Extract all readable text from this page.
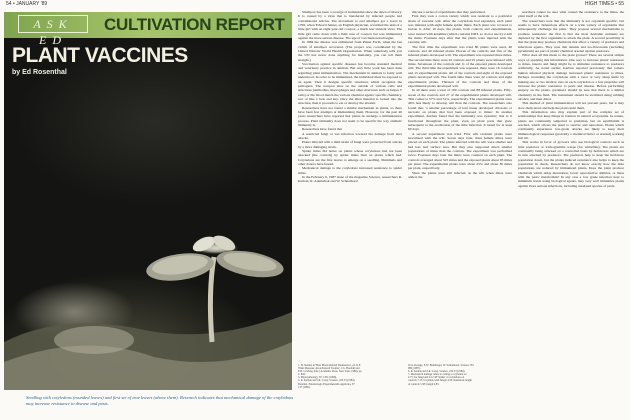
54 • JANUARY '89	HIGH TIMES • 55
ASK ED
CULTIVATION REPORT
PLANT VACCINES
by Ed Rosenthal
Seedling with cotyledons (rounded leaves) and first set of true leaves (above them). Research indicates that mechanical damage of the cotyledons may increase resistance to disease and pests.

Smallpox has been a scourge of humankind since the dawn of history. It is caused by a virus that is transferred by infected people and contaminated articles. The movement to end smallpox got a boost in 1796, when Edward Jenner, an English physician, scratched the skin of a little girl with an eight-year-old cowpox, a much less virulent virus. The little girl came down with a mild case of cowpox but was immunized against the more serious disease. The age of vaccination had begun.

In 1984 the disease was eliminated from Planet Earth, when the last victim of smallpox recovered. (The project was coordinated by the United Nations' World Health Organization. When somebody tells you the UN has never done anything for humanity, you can tell them straight.)

Vaccination against specific diseases has become standard medical and veterinary practice in animals. But very little work has been done regarding plant immunization. The mechanism in animals is fairly well understood. In order to be immunized, the individual must be exposed to an agent. Then it designs specific structures which recognize the pathogens. The receptor sites on the outside of various cells and structures (antibodies, macrophages and other structures such as helper T cells) or the blood match the various chemical agents' specific chemistry, sort of like a lock and key. Once the alien material is locked into the structure, then it proceeds to eat or destroy the invader.

Researchers have not found a similar mechanism in plants, so there have been few attempts at immunizing them. However, for the past 40 years researchers have reported that plants do undergo a immunization process. Plant immunity does not seem to be specific the way animals' immunity is.

Researchers have found that

A restricted fungi or wet infection lowered the damage from later attacks.

Plants infected with a mild strain of fungi were protected from attacks by a more damaging strain.

Spider mites did better on plants whose cotyledons had not been attacked (the controls) by spider mites than on plants which had. Cotyledons are the first leaves to emerge on a seedling. Mammals and other donors have feared.

Mechanical damage to the cotyledons increased resistance to spider mites.

In the February 6, 1987 issue of the magazine Science, researchers R. Karban, R. Adamchak and W. Schnathorst

discuss a series of experiments that they performed.

First they took a cotton variety which was resistant to a particular strain of vascular wilt. After the cotyledons had expanded, each plant was infested with eight female spider mites. Each plant was covered to isolate it. After 16 days, the plants, both controls and experimentals, were treated with ketamine (which contains DDT, so do not use it) to kill the mites. Fourteen days after that the plants were injected with the vascular wilt.

The first time the experiment was tried 80 plants were used, 40 controls, and 40 infested plants. Eleven of the controls and five of the infested plants developed wilt. The experiment was repeated three times. The second time there were 22 controls and 25 plants were infested with mites. Seventeen of the controls and 11 of the exposed plants developed wilt. The third time the experiment was repeated, there were 16 controls and 15 experimental plants. All of the controls and eight of the exposed plants developed wilt. The fourth time there were 22 controls and eight experimental plants. Thirteen of the controls and three of the experimental plants developed wilt.

In all there were a total of 100 controls and 88 infested plants. Fifty-seven of the controls and 27 of the experimental plants developed wilt. This comes to 57% and 31%, respectively. The experimental plants were 46% less likely to develop wilt than the controls. The researchers also found that, 'a smaller percentage of leaf tissue developed chlorosis or necrosis on plants that had been exposed to mites.' In another experiment, Karban found that the immunity was systemic; that is it functioned throughout the plant, even on plant parts that grew subsequent to the eradication of the mite infection. It lasted for at least 60 days.

A second experiment was tried. First wilt resistant plants were inoculated with the wilt. Seven days later, three female mites were placed on each plant. The plants infected with the wilt were smaller and had less leaf surface area. But they also supported much smaller populations of mites than the controls. The experiment was performed twice. Fourteen days later the mites were counted on each plant. The controls averaged about 525 mites and the exposed plants about 95 mites per plant. The experimental plants were about 25% and about 30 mites per plant, respectively.

Since the plants were still infected, as the wilt when mites were added, the

searchers cannot be sure what caused the resistance to the mites, the plant itself or the wilt.

The researchers note that the immunity is not organism specific, but seems to have 'deleterious effects on a wide variety of organisms that subsequently challenge the plant.' They propose several mechanisms to promote resistance: the first is that the most desirable nutrients are depleted by the first organisms to attack the plant. A second possibility is that the plant may produce chemicals that affect a variety of predators and infectious agents. They note that tannins and iso-flavonoids (including pyrethrum) are part of plants' chemical arsenal against predators.

What does all this mean to the plant grower? There are several simple ways of applying this information. One way to increase plants' resistance to mites, insects and fungi might be to stimulate resistance to predators artificially. As noted earlier, Karban reported previously that tomato human infested physical damage increased plants' resistance to mites. Perhaps wounding the cotyledons with a razor or very sharp knife by making one or two shallow cuts on each cotyledon or a few pinpricks will increase the plants' resistance to pests and disease. Before performing surgery on the plants, gardeners should be sure that there is a similar chemistry in the field. The instrument should be sterilized using rubbing alcohol, and then dried.

This method of plant immunization will not prevent pests, but it may slow them down and help the plant resist them.

This information also may explain part of the complex set of relationships that keep things in balance in natural ecosystems. In nature, plants are continually subjected to predation, but an equilibrium is reached, which allows the plant to survive and reproduce. Plants which continually experience low-grade attacks are likely to keep their immunological responses (probably a chemical butter or arsenal) working full tilt.

This works in favor of growers who use biological controls such as mite predators or trichogramma wasps (for whiteflies). The plants are continually being attacked on a controlled basis by herbivores which are in turn attacked by predators. The predators help to keep the herbivore population down, but the plants induced resistance also helps to keep the population in check. Researchers do not know exactly how the mite populations are reduced by immunized plants. Does the plant produce chemicals which delay maturation, lower reproductive abilities, or mess with the pests' metabolism? In any case a low grade infection kept to minimum levels using biological agents, may very well immunize plants against more serious infections, including unrelated species of pests.

1. H. Suzuki, in 'How Plants Defend Themselves', ed. K.F.

'Plant Diseases: An Advanced Treatise', J.G. Horsfall and

E.B. Cowling, Eds. (Academic Press, New York, 1980), pp.

2. Ibid.

3. Phytopathology, 56: 1354 (1966).

4. R. Karban and J.R. Carey, Science, 225:53 (1984).

Entomol. Entomologia Experimentalis Applicata, 37:

137 (1985).

W.A. Kosuge, E.W. Bamberger, W. Schnathorst, Science 235:

980 (1987).

6. R. Karban and J.R. Carey, Science, 225:53 (1984).

7. Mechanical damage refers to cutting a cotyledon on

4.75: for fungi and 4:12 48 'Spider' of cotyledons on

controls 7.15; for plants with fungal 4.50: Intermode length

of controls 5.38; fungal 4.85.
